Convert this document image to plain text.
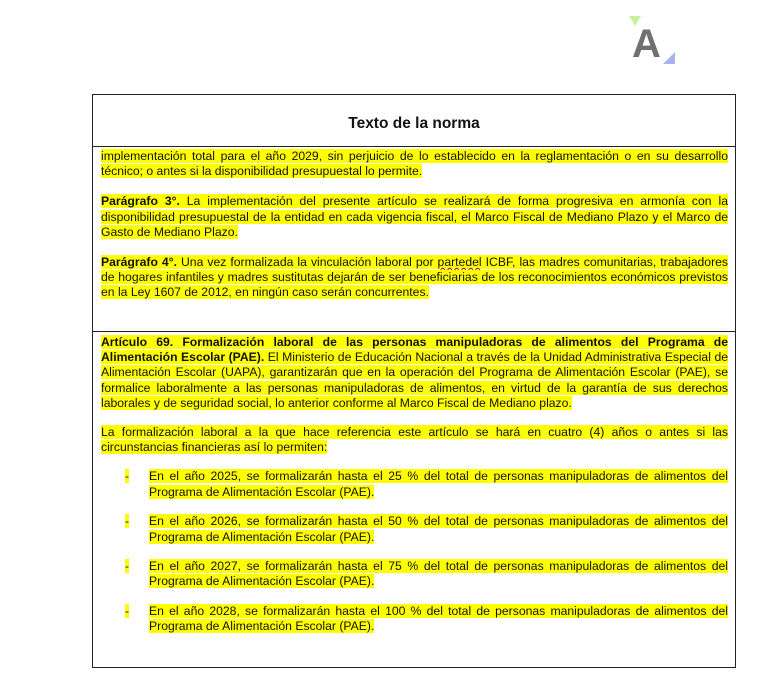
A
Texto de la norma

implementación total para el año 2029, sin perjuicio de lo establecido en la reglamentación o en su desarrollo técnico; o antes si la disponibilidad presupuestal lo permite.

Parágrafo 3°. La implementación del presente artículo se realizará de forma progresiva en armonía con la disponibilidad presupuestal de la entidad en cada vigencia fiscal, el Marco Fiscal de Mediano Plazo y el Marco de Gasto de Mediano Plazo.

Parágrafo 4°. Una vez formalizada la vinculación laboral por partedel ICBF, las madres comunitarias, trabajadores de hogares infantiles y madres sustitutas dejarán de ser beneficiarias de los reconocimientos económicos previstos en la Ley 1607 de 2012, en ningún caso serán concurrentes.

Artículo 69. Formalización laboral de las personas manipuladoras de alimentos del Programa de Alimentación Escolar (PAE). El Ministerio de Educación Nacional a través de la Unidad Administrativa Especial de Alimentación Escolar (UAPA), garantizarán que en la operación del Programa de Alimentación Escolar (PAE), se formalice laboralmente a las personas manipuladoras de alimentos, en virtud de la garantía de sus derechos laborales y de seguridad social, lo anterior conforme al Marco Fiscal de Mediano plazo.

La formalización laboral a la que hace referencia este artículo se hará en cuatro (4) años o antes si las circunstancias financieras así lo permiten:

-	En el año 2025, se formalizarán hasta el 25 % del total de personas manipuladoras de alimentos del Programa de Alimentación Escolar (PAE).

-	En el año 2026, se formalizarán hasta el 50 % del total de personas manipuladoras de alimentos del Programa de Alimentación Escolar (PAE).

-	En el año 2027, se formalizarán hasta el 75 % del total de personas manipuladoras de alimentos del Programa de Alimentación Escolar (PAE).

-	En el año 2028, se formalizarán hasta el 100 % del total de personas manipuladoras de alimentos del Programa de Alimentación Escolar (PAE).
